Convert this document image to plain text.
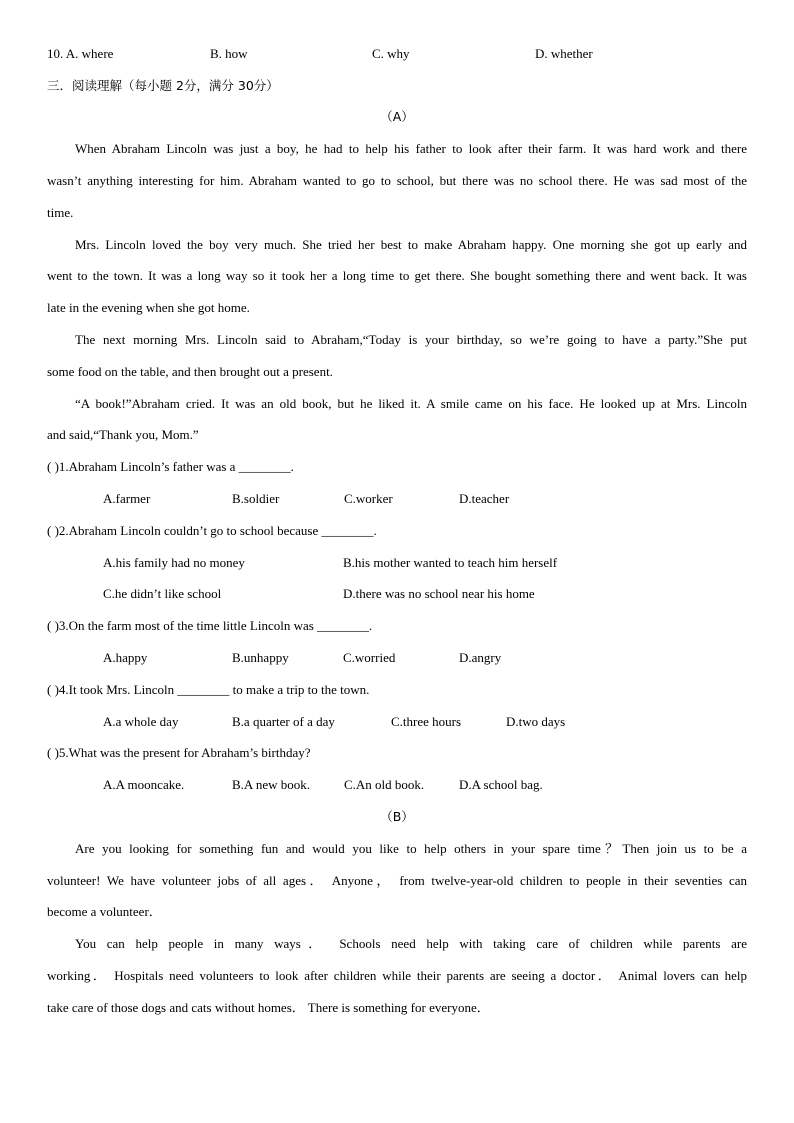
10. A. where	B. how	C. why	D. whether
三．阅读理解（每小题 2分，满分 30分）
（A）
When Abraham Lincoln was just a boy, he had to help his father to look after their farm. It was hard work and there
wasn’t anything interesting for him. Abraham wanted to go to school, but there was no school there. He was sad most of the
time.
Mrs. Lincoln loved the boy very much. She tried her best to make Abraham happy. One morning she got up early and
went to the town. It was a long way so it took her a long time to get there. She bought something there and went back. It was
late in the evening when she got home.
The next morning Mrs. Lincoln said to Abraham,“Today is your birthday, so we’re going to have a party.”She put
some food on the table, and then brought out a present.
“A book!”Abraham cried. It was an old book, but he liked it. A smile came on his face. He looked up at Mrs. Lincoln
and said,“Thank you, Mom.”
( )1.Abraham Lincoln’s father was a ________.
A.farmer	B.soldier	C.worker	D.teacher
( )2.Abraham Lincoln couldn’t go to school because ________.
A.his family had no money	B.his mother wanted to teach him herself
C.he didn’t like school	D.there was no school near his home
( )3.On the farm most of the time little Lincoln was ________.
A.happy	B.unhappy	C.worried	D.angry
( )4.It took Mrs. Lincoln ________ to make a trip to the town.
A.a whole day	B.a quarter of a day	C.three hours	D.two days
( )5.What was the present for Abraham’s birthday?
A.A mooncake.	B.A new book.	C.An old book.	D.A school bag.
（B）
Are you looking for something fun and would you like to help others in your spare time？Then join us to be a
volunteer! We have volunteer jobs of all ages． Anyone， from twelve-year-old children to people in their seventies can
become a volunteer．
You can help people in many ways． Schools need help with taking care of children while parents are
working． Hospitals need volunteers to look after children while their parents are seeing a doctor． Animal lovers can help
take care of those dogs and cats without homes． There is something for everyone．
